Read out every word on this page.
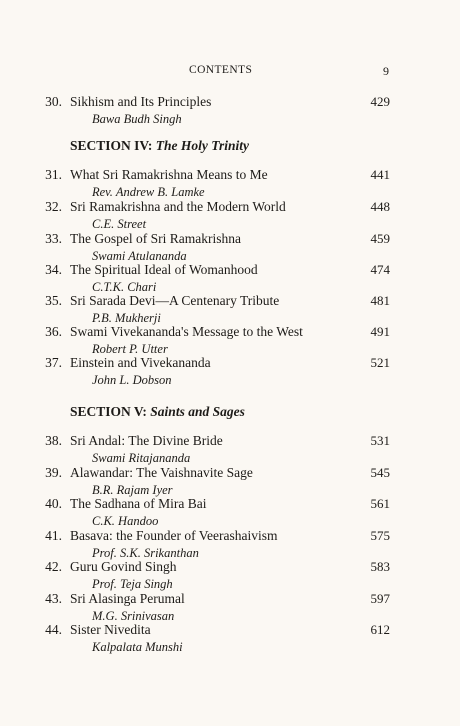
CONTENTS	9
30. Sikhism and Its Principles	429
Bawa Budh Singh
SECTION IV: The Holy Trinity
31. What Sri Ramakrishna Means to Me	441
Rev. Andrew B. Lamke
32. Sri Ramakrishna and the Modern World	448
C.E. Street
33. The Gospel of Sri Ramakrishna	459
Swami Atulananda
34. The Spiritual Ideal of Womanhood	474
C.T.K. Chari
35. Sri Sarada Devi—A Centenary Tribute	481
P.B. Mukherji
36. Swami Vivekananda's Message to the West	491
Robert P. Utter
37. Einstein and Vivekananda	521
John L. Dobson
SECTION V: Saints and Sages
38. Sri Andal: The Divine Bride	531
Swami Ritajananda
39. Alawandar: The Vaishnavite Sage	545
B.R. Rajam Iyer
40. The Sadhana of Mira Bai	561
C.K. Handoo
41. Basava: the Founder of Veerashaivism	575
Prof. S.K. Srikanthan
42. Guru Govind Singh	583
Prof. Teja Singh
43. Sri Alasinga Perumal	597
M.G. Srinivasan
44. Sister Nivedita	612
Kalpalata Munshi
